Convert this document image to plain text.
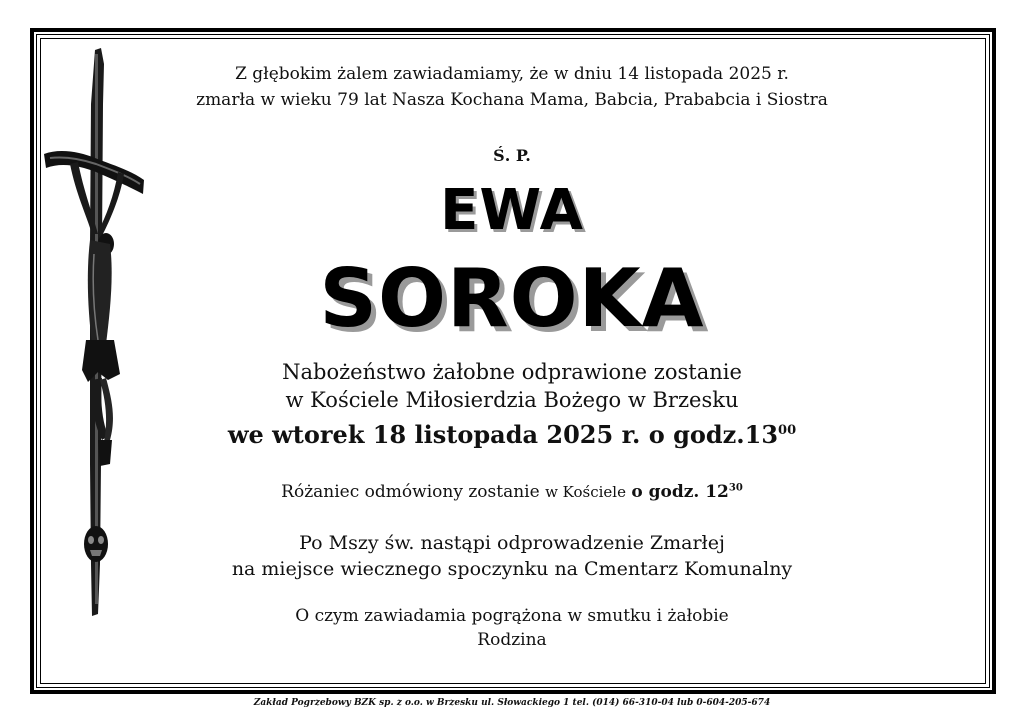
Z głębokim żalem zawiadamiamy, że w dniu 14 listopada 2025 r.
zmarła w wieku 79 lat Nasza Kochana Mama, Babcia, Prababcia i Siostra
Ś. P.
EWA
SOROKA
Nabożeństwo żałobne odprawione zostanie
w Kościele Miłosierdzia Bożego w Brzesku
we wtorek 18 listopada 2025 r. o $godz.13^{00}$
Różaniec odmówiony zostanie w Kościele o godz. $12^{30}$
Po Mszy św. nastąpi odprowadzenie Zmarłej
na miejsce wiecznego spoczynku na Cmentarz Komunalny
O czym zawiadamia pogrążona w smutku i żałobie
Rodzina
Zakład Pogrzebowy BZK sp. z o.o. w Brzesku ul. Słowackiego 1 tel. (014) 66-310-04 lub 0-604-205-674
